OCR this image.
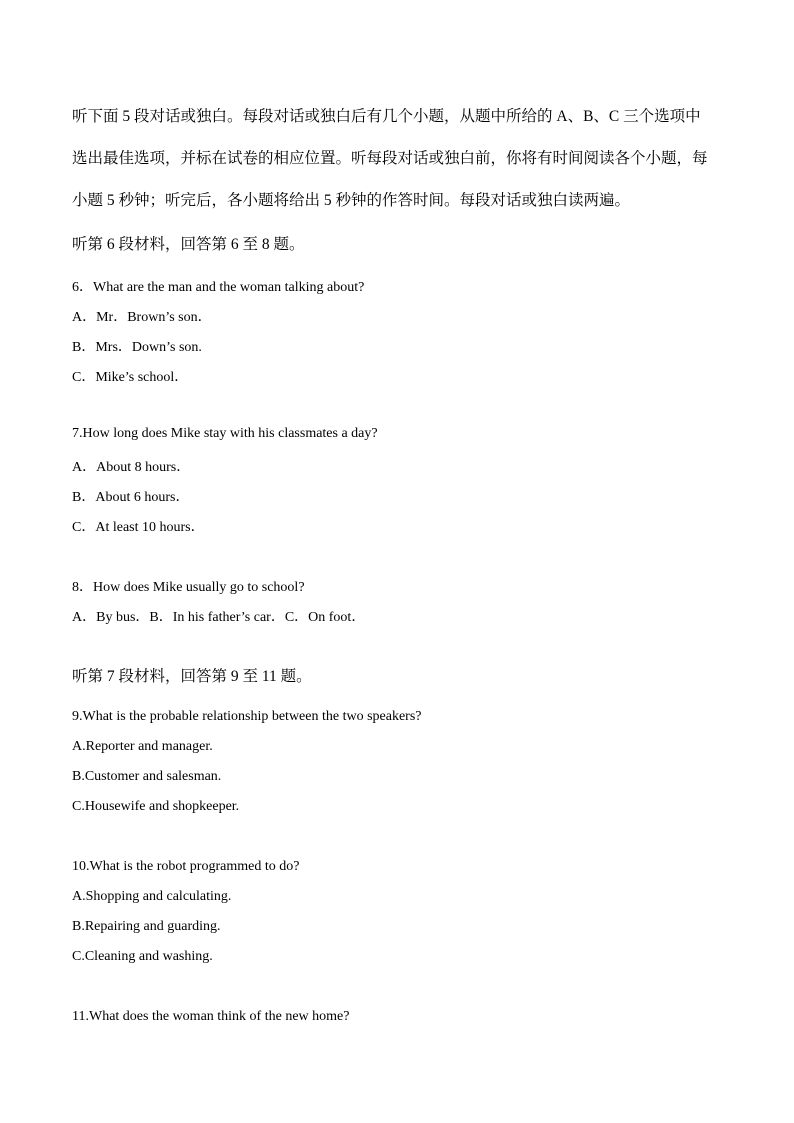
听下面 5 段对话或独白。每段对话或独白后有几个小题，从题中所给的 A、B、C 三个选项中

选出最佳选项，并标在试卷的相应位置。听每段对话或独白前，你将有时间阅读各个小题，每

小题 5 秒钟；听完后，各小题将给出 5 秒钟的作答时间。每段对话或独白读两遍。

听第 6 段材料，回答第 6 至 8 题。

6．What are the man and the woman talking about?

A．Mr．Brown’s son．

B．Mrs．Down’s son.

C．Mike’s school．

7.How long does Mike stay with his classmates a day?

A．About 8 hours．

B．About 6 hours．

C．At least 10 hours．

8．How does Mike usually go to school?

A．By bus．B．In his father’s car．C．On foot．

听第 7 段材料，回答第 9 至 11 题。

9.What is the probable relationship between the two speakers?

A.Reporter and manager.

B.Customer and salesman.

C.Housewife and shopkeeper.

10.What is the robot programmed to do?

A.Shopping and calculating.

B.Repairing and guarding.

C.Cleaning and washing.

11.What does the woman think of the new home?
